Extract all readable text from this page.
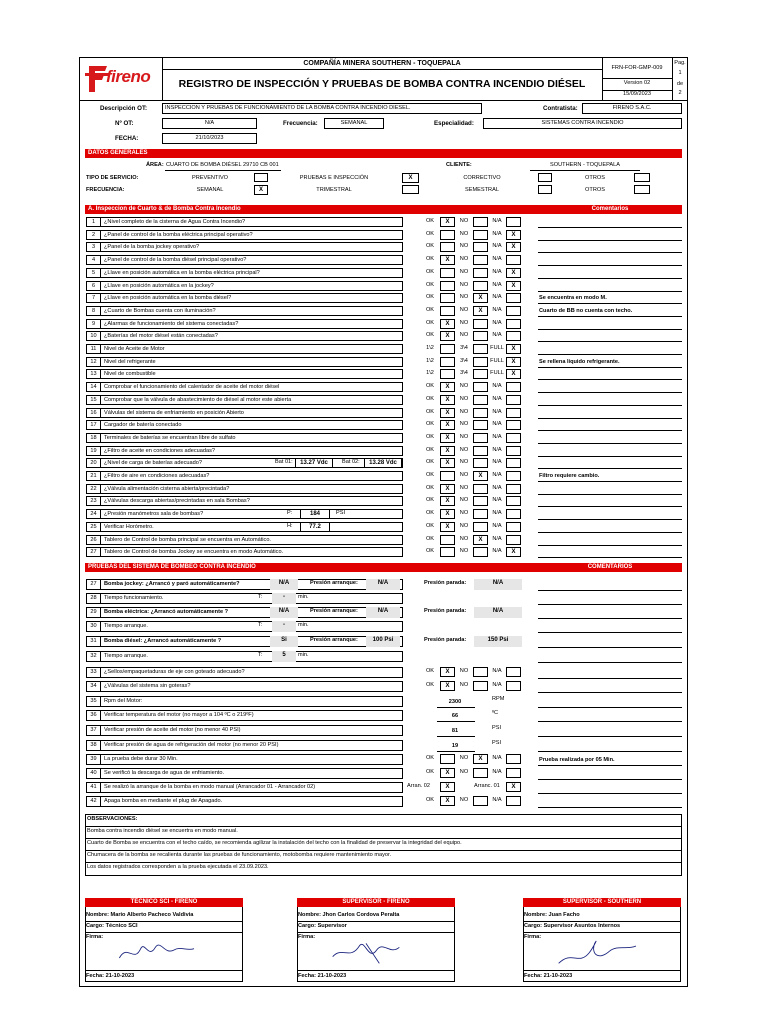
fireno
COMPAÑÍA MINERA SOUTHERN - TOQUEPALA
REGISTRO DE INSPECCIÓN Y PRUEBAS DE BOMBA CONTRA INCENDIO DIÉSEL
FRN-FOR-GMP-009
Version 02
15/09/2023
Pag.
1
de
2
Descripción OT:	INSPECCION Y PRUEBAS DE FUNCIONAMIENTO DE LA BOMBA CONTRA INCENDIO DIESEL.	Contratista:	FIRENO S.A.C.
Nº OT:	N/A	Frecuencia:	SEMANAL	Especialidad:	SISTEMAS CONTRA INCENDIO
FECHA:	21/10/2023
DATOS GENERALES
ÁREA: CUARTO DE BOMBA DIÉSEL 29710 CB 001	CLIENTE:	SOUTHERN - TOQUEPALA
TIPO DE SERVICIO:	PREVENTIVO	PRUEBAS E INSPECCIÓN	X	CORRECTIVO	OTROS
FRECUENCIA:	SEMANAL	X	TRIMESTRAL	SEMESTRAL	OTROS
A. Inspeccion de Cuarto & de Bomba Contra Incendio	Comentarios
1	¿Nivel completo de la cisterna de Agua Contra Incendio?	OK	X	NO	N/A
2	¿Panel de control de la bomba eléctrica principal operativo?	OK	NO	N/A	X
3	¿Panel de la bomba jockey operativo?	OK	NO	N/A	X
4	¿Panel de control de la bomba diésel principal operativo?	OK	X	NO	N/A
5	¿Llave en posición automática en la bomba eléctrica principal?	OK	NO	N/A	X
6	¿Llave en posición automática en la jockey?	OK	NO	N/A	X
7	¿Llave en posición automática en la bomba diésel?	OK	NO	X	N/A	Se encuentra en modo M.
8	¿Cuarto de Bombas cuenta con iluminación?	OK	NO	X	N/A	Cuarto de BB no cuenta con techo.
9	¿Alarmas de funcionamiento del sistema conectadas?	OK	X	NO	N/A
10	¿Baterías del motor diésel están conectadas?	OK	X	NO	N/A
11	Nivel de Aceite de Motor	1\2	3\4	FULL	X
12	Nivel del refrigerante	1\2	3\4	FULL	X	Se rellena líquido refrigerante.
13	Nivel de combustible	1\2	3\4	FULL	X
14	Comprobar el funcionamiento del calentador de aceite del motor diésel	OK	X	NO	N/A
15	Comprobar que la válvula de abastecimiento de diésel al motor este abierta	OK	X	NO	N/A
16	Válvulas del sistema de enfriamiento en posición Abierto	OK	X	NO	N/A
17	Cargador de batería conectado	OK	X	NO	N/A
18	Terminales de baterías se encuentran libre de sulfato	OK	X	NO	N/A
19	¿Filtro de aceite en condiciones adecuadas?	OK	X	NO	N/A
20	¿Nivel de carga de baterías adecuado?	OK	X	NO	N/A
Bat 01:	13.27 Vdc	Bat 02:	13.28 Vdc
21	¿Filtro de aire en condiciones adecuadas?	OK	NO	X	N/A	Filtro requiere cambio.
22	¿Válvula alimentación cisterna abierta/precintada?	OK	X	NO	N/A
23	¿Válvulas descarga abiertas/precintadas en sala Bombas?	OK	X	NO	N/A
24	¿Presión manómetros sala de bombas?	OK	X	NO	N/A
P:	184	PSI
25	Verificar Horómetro.	OK	X	NO	N/A
H:	77.2
26	Tablero de Control de bomba principal se encuentra en Automático.	OK	NO	X	N/A
27	Tablero de Control de bomba Jockey se encuentra en modo Automático.	OK	NO	N/A	X
PRUEBAS DEL SISTEMA DE BOMBEO CONTRA INCENDIO	COMENTARIOS
27	Bomba jockey: ¿Arrancó y paró automáticamente?	N/A	Presión arranque:	N/A	Presión parada:	N/A
28	Tiempo funcionamiento.	T:	-	min.
29	Bomba eléctrica: ¿Arrancó automáticamente ?	N/A	Presión arranque:	N/A	Presión parada:	N/A
30	Tiempo arranque.	T:	-	min.
31	Bomba diésel: ¿Arrancó automáticamente ?	Si	Presión arranque:	100 Psi	Presión parada:	150 Psi
32	Tiempo arranque.	T:	5	min.
33	¿Sellos/empaquetaduras de eje con goteado adecuado?	OK	X	NO	N/A
34	¿Válvulas del sistema sin goteras?	OK	X	NO	N/A
35	Rpm del Motor:	2300	RPM
36	Verificar temperatura del motor (no mayor a 104 ºC o 219ºF)	66	ºC
37	Verificar presión de aceite del motor (no menor 40 PSI)	81	PSI
38	Verificar presión de agua de refrigeración del motor (no menor 20 PSI)	19	PSI
39	La prueba debe durar 30 Min.	OK	NO	X	N/A	Prueba realizada por 05 Min.
40	Se verificó la descarga de agua de enfriamiento.	OK	X	NO	N/A
41	Se realizó la arranque de la bomba en modo manual (Arrancador 01 - Arrancador 02)	Arran. 02	X	Arranc. 01	X
42	Apaga bomba en mediante el plug de Apagado.	OK	X	NO	N/A
OBSERVACIONES:
Bomba contra incendio diésel se encuertra en modo manual.
Cuarto de Bomba se encuentra con el techo caído, se recomienda agilizar la instalación del techo con la finalidad de preservar la integridad del equipo.
Chumacera de la bomba se recalienta durante las pruebas de funcionamiento, motobomba requiere mantenimiento mayor.
Los datos registrados corresponden a la prueba ejecutada el 23.09.2023.
TÉCNICO SCI - FIRENO
Nombre: Mario Alberto Pacheco Valdivia
Cargo: Técnico SCI
Firma:
Fecha: 21-10-2023
SUPERVISOR - FIRENO
Nombre: Jhon Carlos Cordova Peralta
Cargo: Supervisor
Firma:
Fecha: 21-10-2023
SUPERVISOR - SOUTHERN
Nombre: Juan Facho
Cargo: Supervisor Asuntos Internos
Firma:
Fecha: 21-10-2023
